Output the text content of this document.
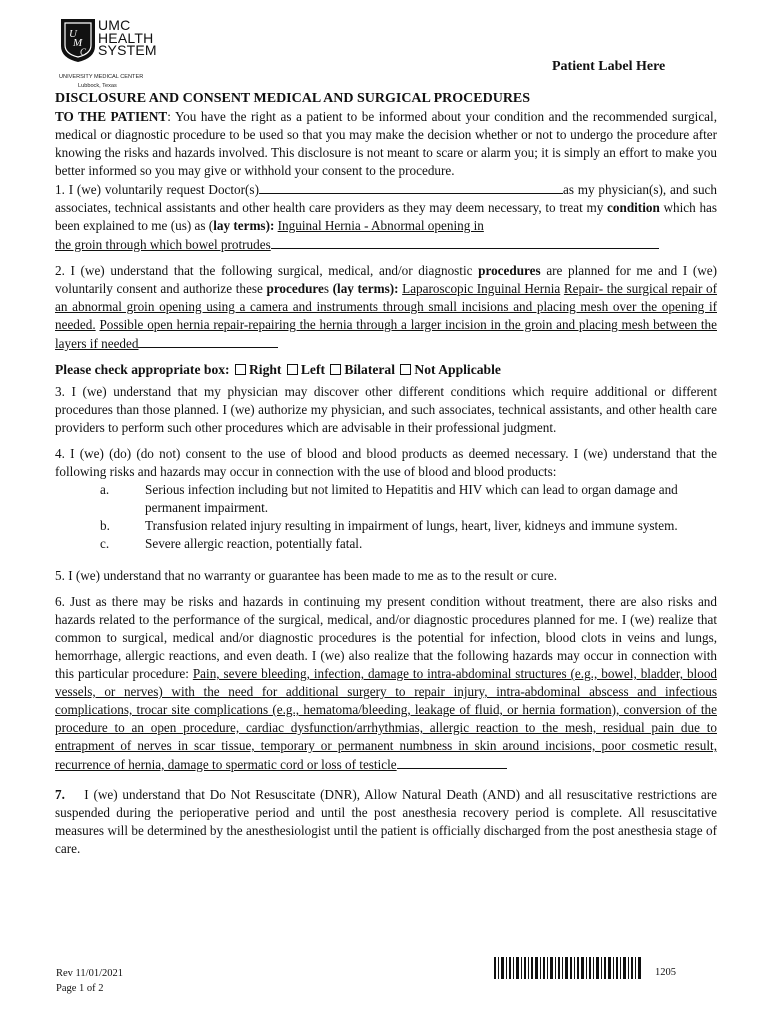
U
M
C
UMC
HEALTH
SYSTEM
UNIVERSITY MEDICAL CENTER
Lubbock, Texas
Patient Label Here

DISCLOSURE AND CONSENT MEDICAL AND SURGICAL PROCEDURES

TO THE PATIENT: You have the right as a patient to be informed about your condition and the recommended surgical, medical or diagnostic procedure to be used so that you may make the decision whether or not to undergo the procedure after knowing the risks and hazards involved. This disclosure is not meant to scare or alarm you; it is simply an effort to make you better informed so you may give or withhold your consent to the procedure.

1. I (we) voluntarily request Doctor(s)	as my physician(s), and such associates, technical assistants and other health care providers as they may deem necessary, to treat my condition which has been explained to me (us) as (lay terms): Inguinal Hernia - Abnormal opening in
the groin through which bowel protrudes

2. I (we) understand that the following surgical, medical, and/or diagnostic procedures are planned for me and I (we) voluntarily consent and authorize these procedures (lay terms): Laparoscopic Inguinal Hernia Repair- the surgical repair of an abnormal groin opening using a camera and instruments through small incisions and placing mesh over the opening if needed. Possible open hernia repair-repairing the hernia through a larger incision in the groin and placing mesh between the layers if needed

Please check appropriate box: Right Left Bilateral Not Applicable

3. I (we) understand that my physician may discover other different conditions which require additional or different procedures than those planned. I (we) authorize my physician, and such associates, technical assistants, and other health care providers to perform such other procedures which are advisable in their professional judgment.

4. I (we) (do) (do not) consent to the use of blood and blood products as deemed necessary. I (we) understand that the following risks and hazards may occur in connection with the use of blood and blood products:

a.	Serious infection including but not limited to Hepatitis and HIV which can lead to organ damage and permanent impairment.
b.	Transfusion related injury resulting in impairment of lungs, heart, liver, kidneys and immune system.
c.	Severe allergic reaction, potentially fatal.

5. I (we) understand that no warranty or guarantee has been made to me as to the result or cure.

6. Just as there may be risks and hazards in continuing my present condition without treatment, there are also risks and hazards related to the performance of the surgical, medical, and/or diagnostic procedures planned for me. I (we) realize that common to surgical, medical and/or diagnostic procedures is the potential for infection, blood clots in veins and lungs, hemorrhage, allergic reactions, and even death. I (we) also realize that the following hazards may occur in connection with this particular procedure: Pain, severe bleeding, infection, damage to intra-abdominal structures (e.g., bowel, bladder, blood vessels, or nerves) with the need for additional surgery to repair injury, intra-abdominal abscess and infectious complications, trocar site complications (e.g., hematoma/bleeding, leakage of fluid, or hernia formation), conversion of the procedure to an open procedure, cardiac dysfunction/arrhythmias, allergic reaction to the mesh, residual pain due to entrapment of nerves in scar tissue, temporary or permanent numbness in skin around incisions, poor cosmetic result, recurrence of hernia, damage to spermatic cord or loss of testicle

7. I (we) understand that Do Not Resuscitate (DNR), Allow Natural Death (AND) and all resuscitative restrictions are suspended during the perioperative period and until the post anesthesia recovery period is complete. All resuscitative measures will be determined by the anesthesiologist until the patient is officially discharged from the post anesthesia stage of care.

Rev 11/01/2021
Page 1 of 2
1205
